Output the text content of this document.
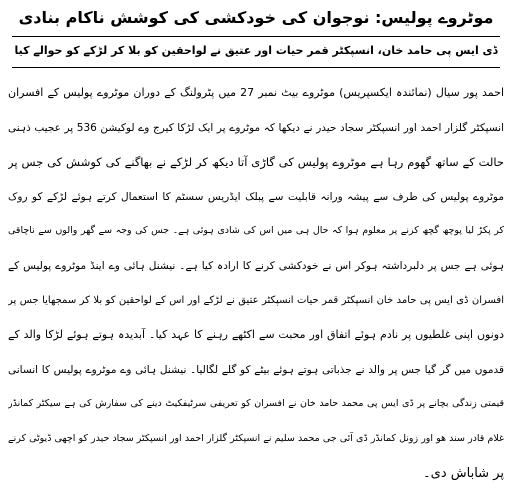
موٹروے پولیس: نوجوان کی خودکشی کی کوشش ناکام بنادی
ڈی ایس پی حامد خان، انسپکٹر قمر حیات اور عتیق نے لواحقین کو بلا کر لڑکے کو حوالے کیا
احمد پور سیال (نمائندہ ایکسپریس) موٹروے بیٹ نمبر 27 میں پٹرولنگ کے دوران موٹروے پولیس کے افسران
انسپکٹر گلزار احمد اور انسپکٹر سجاد حیدر نے دیکھا کہ موٹروے پر ایک لڑکا کیرج وے لوکیشن 536 پر عجیب ذہنی
حالت کے ساتھ گھوم رہا ہے موٹروے پولیس کی گاڑی آتا دیکھ کر لڑکے نے بھاگنے کی کوشش کی جس پر
موٹروے پولیس کی طرف سے پیشہ ورانہ قابلیت سے پبلک ایڈریس سسٹم کا استعمال کرتے ہوئے لڑکے کو روک
کر پکڑ لیا پوچھ گچھ کرنے پر معلوم ہوا کہ حال ہی میں اس کی شادی ہوئی ہے۔ جس کی وجہ سے گھر والوں سے ناچاقی
ہوئی ہے جس پر دلبرداشتہ ہوکر اس نے خودکشی کرنے کا ارادہ کیا ہے۔ نیشنل ہائی وے اینڈ موٹروے پولیس کے
افسران ڈی ایس پی حامد خان انسپکٹر قمر حیات انسپکٹر عتیق نے لڑکے اور اس کے لواحقین کو بلا کر سمجھایا جس پر
دونوں اپنی غلطیوں پر نادم ہوئے اتفاق اور محبت سے اکٹھے رہنے کا عہد کیا۔ آبدیدہ ہوتے ہوئے لڑکا والد کے
قدموں میں گر گیا جس پر والد نے جذباتی ہوتے ہوئے بیٹے کو گلے لگالیا۔ نیشنل ہائی وے موٹروے پولیس کا انسانی
قیمتی زندگی بچانے پر ڈی ایس پی محمد حامد خان نے افسران کو تعریفی سرٹیفکیٹ دینے کی سفارش کی ہے سیکٹر کمانڈر
غلام قادر سند ھو اور زونل کمانڈر ڈی آئی جی محمد سلیم نے انسپکٹر گلزار احمد اور انسپکٹر سجاد حیدر کو اچھی ڈیوٹی کرنے
پر شاباش دی۔
